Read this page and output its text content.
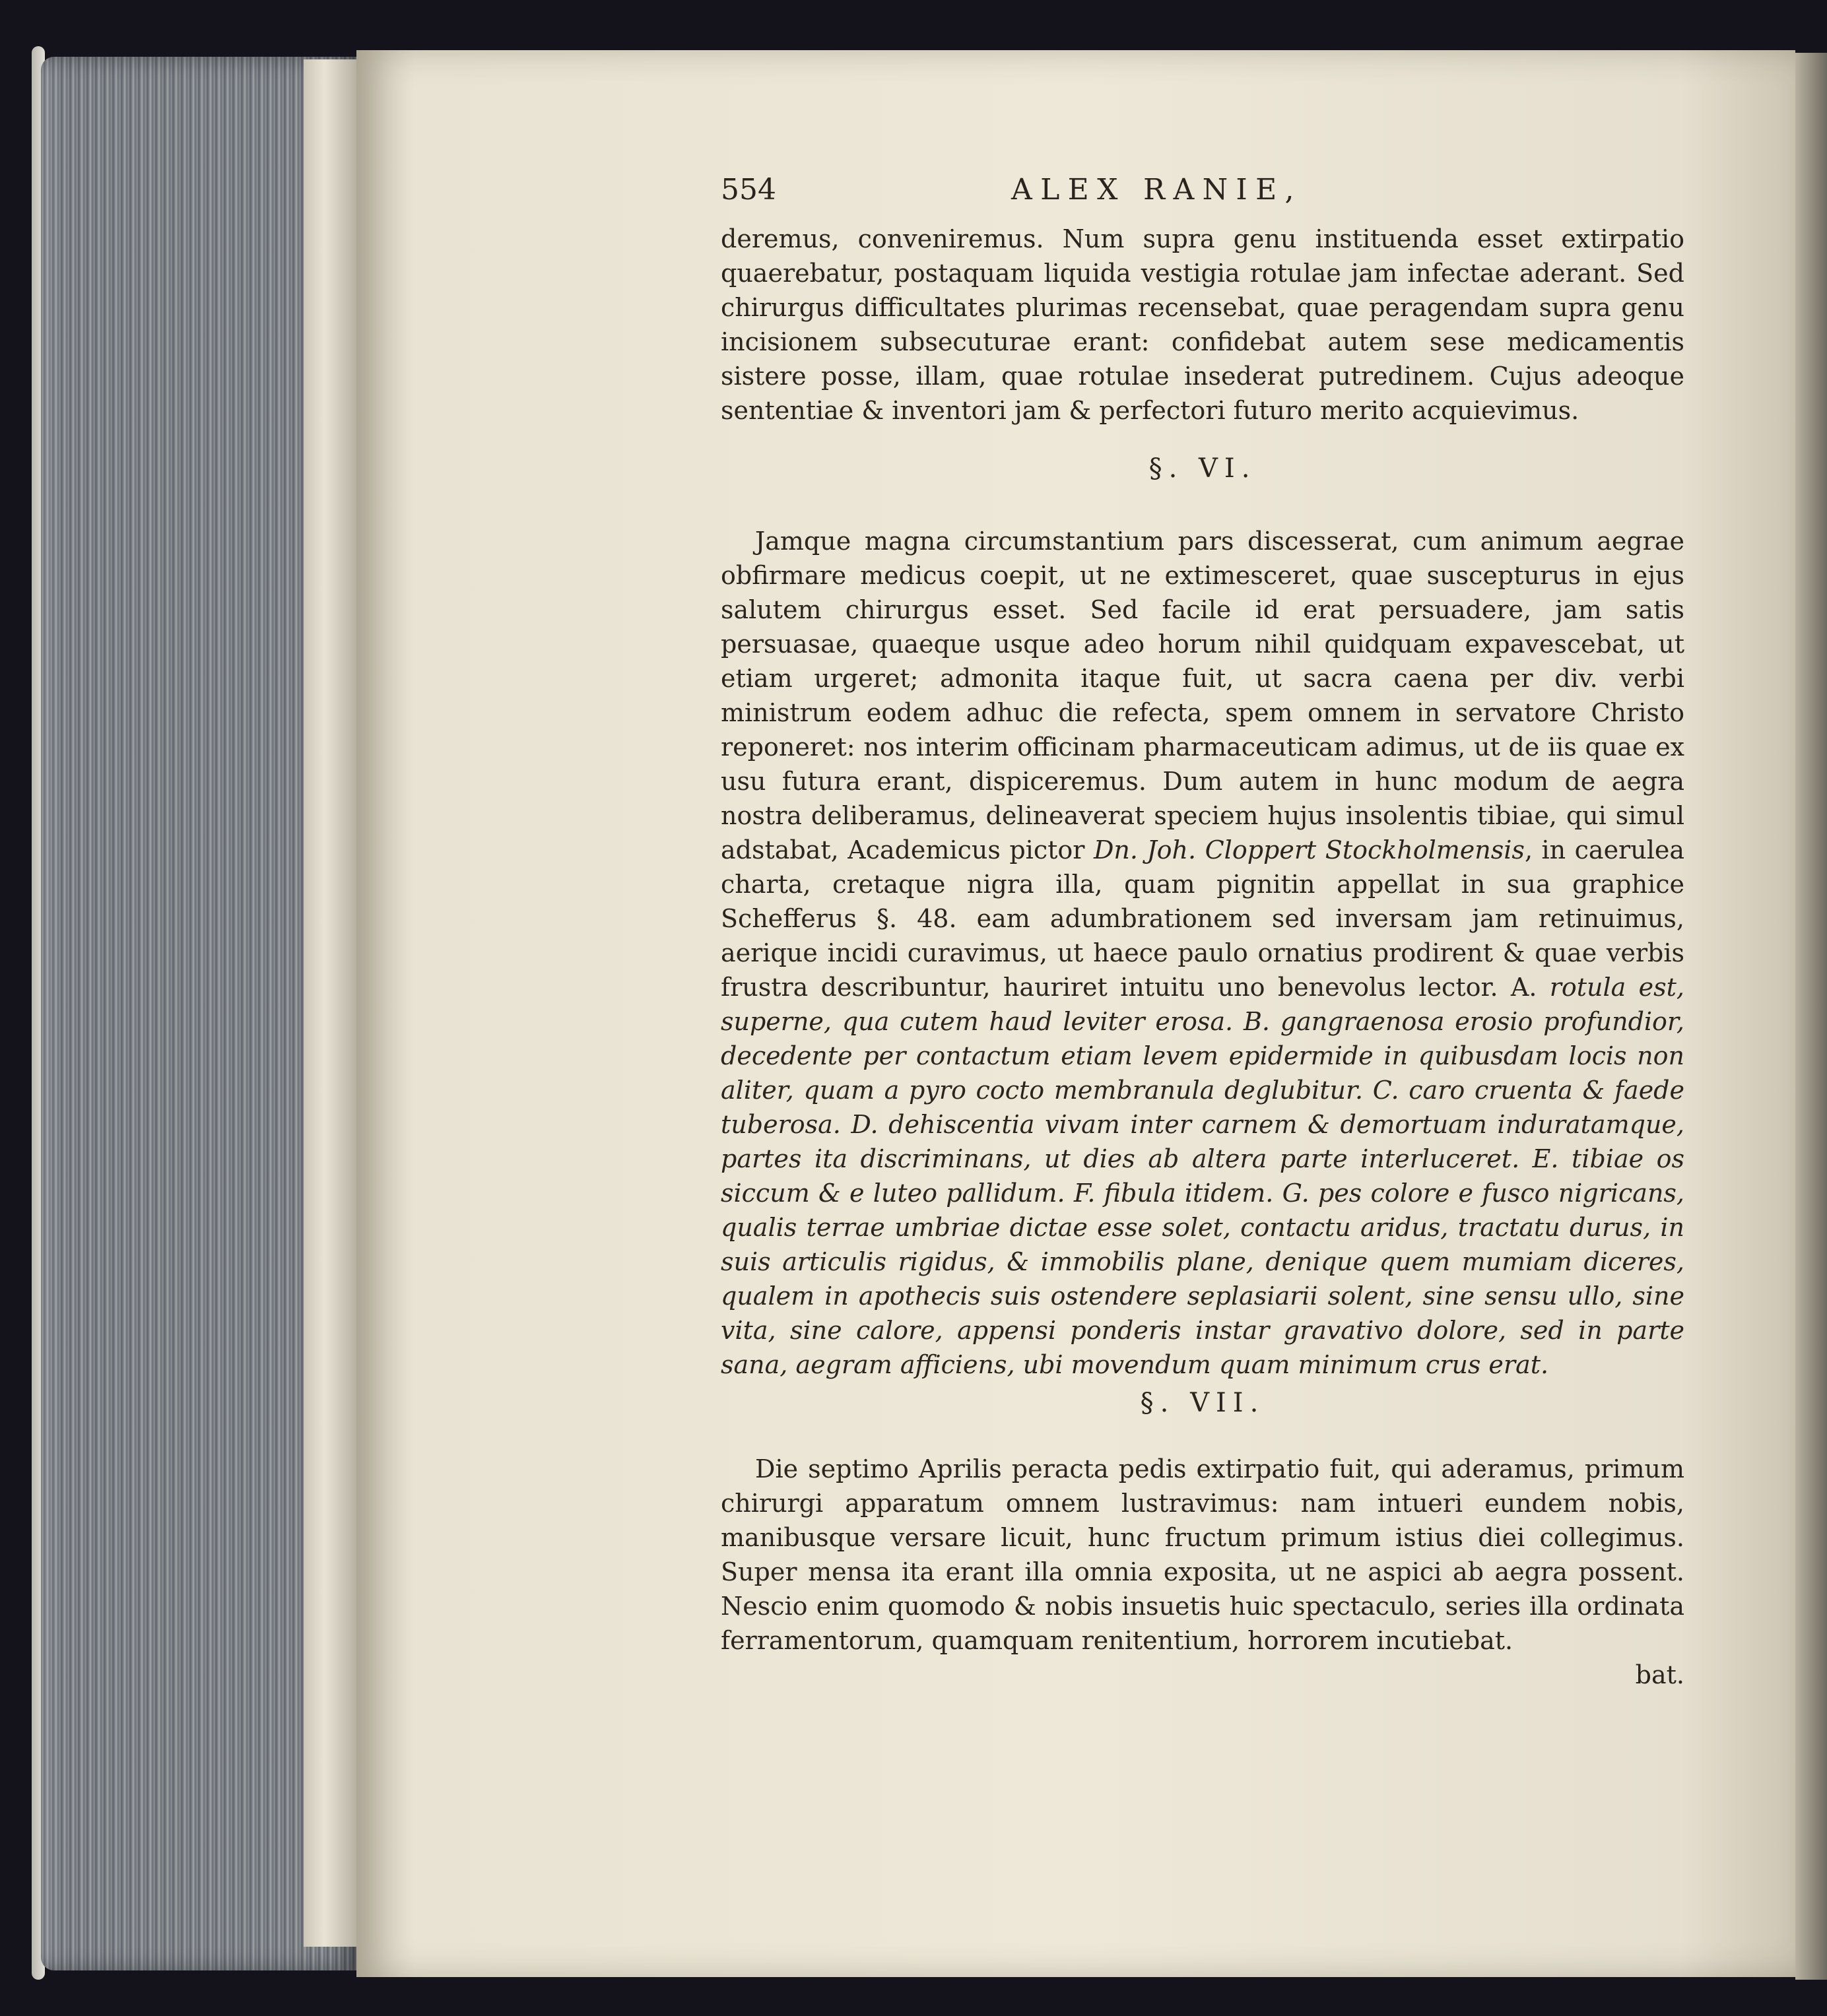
554	ALEX RANIE,

deremus, conveniremus. Num supra genu instituenda esset extirpatio quaerebatur, postaquam liquida vestigia rotulae jam infectae aderant. Sed chirurgus difficultates plurimas recensebat, quae peragendam supra genu incisionem subsecuturae erant: confidebat autem sese medicamentis sistere posse, illam, quae rotulae insederat putredinem. Cujus adeoque sententiae & inventori jam & perfectori futuro merito acquievimus.

§. VI.

Jamque magna circumstantium pars discesserat, cum animum aegrae obfirmare medicus coepit, ut ne extimesceret, quae suscepturus in ejus salutem chirurgus esset. Sed facile id erat persuadere, jam satis persuasae, quaeque usque adeo horum nihil quidquam expavescebat, ut etiam urgeret; admonita itaque fuit, ut sacra caena per div. verbi ministrum eodem adhuc die refecta, spem omnem in servatore Christo reponeret: nos interim officinam pharmaceuticam adimus, ut de iis quae ex usu futura erant, dispiceremus. Dum autem in hunc modum de aegra nostra deliberamus, delineaverat speciem hujus insolentis tibiae, qui simul adstabat, Academicus pictor Dn. Joh. Cloppert Stockholmensis, in caerulea charta, cretaque nigra illa, quam pignitin appellat in sua graphice Schefferus §. 48. eam adumbrationem sed inversam jam retinuimus, aerique incidi curavimus, ut haece paulo ornatius prodirent & quae verbis frustra describuntur, hauriret intuitu uno benevolus lector. A. rotula est, superne, qua cutem haud leviter erosa. B. gangraenosa erosio profundior, decedente per contactum etiam levem epidermide in quibusdam locis non aliter, quam a pyro cocto membranula deglubitur. C. caro cruenta & faede tuberosa. D. dehiscentia vivam inter carnem & demortuam induratamque, partes ita discriminans, ut dies ab altera parte interluceret. E. tibiae os siccum & e luteo pallidum. F. fibula itidem. G. pes colore e fusco nigricans, qualis terrae umbriae dictae esse solet, contactu aridus, tractatu durus, in suis articulis rigidus, & immobilis plane, denique quem mumiam diceres, qualem in apothecis suis ostendere seplasiarii solent, sine sensu ullo, sine vita, sine calore, appensi ponderis instar gravativo dolore, sed in parte sana, aegram afficiens, ubi movendum quam minimum crus erat.

§. VII.

Die septimo Aprilis peracta pedis extirpatio fuit, qui aderamus, primum chirurgi apparatum omnem lustravimus: nam intueri eundem nobis, manibusque versare licuit, hunc fructum primum istius diei collegimus. Super mensa ita erant illa omnia exposita, ut ne aspici ab aegra possent. Nescio enim quomodo & nobis insuetis huic spectaculo, series illa ordinata ferramentorum, quamquam renitentium, horrorem incutiebat.

bat.
